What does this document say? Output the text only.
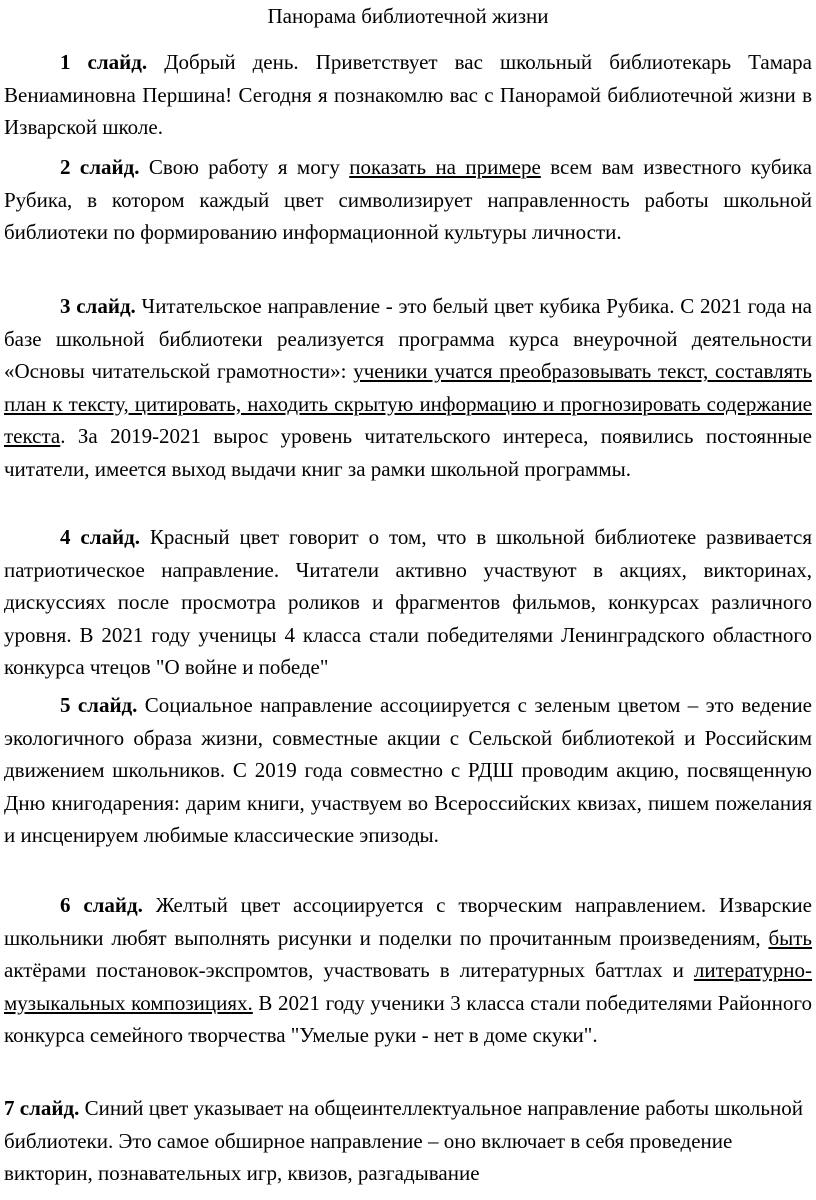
Панорама библиотечной жизни
1 слайд. Добрый день. Приветствует вас школьный библиотекарь Тамара Вениаминовна Першина! Сегодня я познакомлю вас с Панорамой библиотечной жизни в Изварской школе.
2 слайд. Свою работу я могу показать на примере всем вам известного кубика Рубика, в котором каждый цвет символизирует направленность работы школьной библиотеки по формированию информационной культуры личности.
3 слайд. Читательское направление - это белый цвет кубика Рубика. С 2021 года на базе школьной библиотеки реализуется программа курса внеурочной деятельности «Основы читательской грамотности»: ученики учатся преобразовывать текст, составлять план к тексту, цитировать, находить скрытую информацию и прогнозировать содержание текста. За 2019-2021 вырос уровень читательского интереса, появились постоянные читатели, имеется выход выдачи книг за рамки школьной программы.
4 слайд. Красный цвет говорит о том, что в школьной библиотеке развивается патриотическое направление. Читатели активно участвуют в акциях, викторинах, дискуссиях после просмотра роликов и фрагментов фильмов, конкурсах различного уровня. В 2021 году ученицы 4 класса стали победителями Ленинградского областного конкурса чтецов "О войне и победе"
5 слайд. Социальное направление ассоциируется с зеленым цветом – это ведение экологичного образа жизни, совместные акции с Сельской библиотекой и Российским движением школьников. С 2019 года совместно с РДШ проводим акцию, посвященную Дню книгодарения: дарим книги, участвуем во Всероссийских квизах, пишем пожелания и инсценируем любимые классические эпизоды.
6 слайд. Желтый цвет ассоциируется с творческим направлением. Изварские школьники любят выполнять рисунки и поделки по прочитанным произведениям, быть актёрами постановок-экспромтов, участвовать в литературных баттлах и литературно-музыкальных композициях. В 2021 году ученики 3 класса стали победителями Районного конкурса семейного творчества "Умелые руки - нет в доме скуки".
7 слайд. Синий цвет указывает на общеинтеллектуальное направление работы школьной библиотеки. Это самое обширное направление – оно включает в себя проведение викторин, познавательных игр, квизов, разгадывание
